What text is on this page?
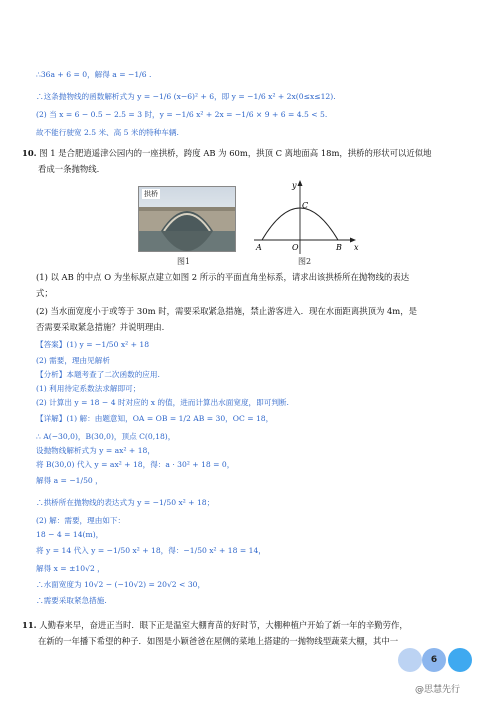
∴36a + 6 = 0，解得 a = −1/6 .
∴这条抛物线的函数解析式为 y = −1/6 (x−6)² + 6，即 y = −1/6 x² + 2x(0≤x≤12).
(2) 当 x = 6 − 0.5 − 2.5 = 3 时，y = −1/6 x² + 2x = −1/6 × 9 + 6 = 4.5 < 5.
故不能行驶宽 2.5 米、高 5 米的特种车辆.
10. 图 1 是合肥逍遥津公园内的一座拱桥，跨度 AB 为 60m，拱顶 C 离地面高 18m，拱桥的形状可以近似地
看成一条抛物线.
拱桥
图1
y
x
C
A	O	B
图2
(1) 以 AB 的中点 O 为坐标原点建立如图 2 所示的平面直角坐标系，请求出该拱桥所在抛物线的表达
式；
(2) 当水面宽度小于或等于 30m 时，需要采取紧急措施，禁止游客进入．现在水面距离拱顶为 4m，是
否需要采取紧急措施？并说明理由.
【答案】(1) y = −1/50 x² + 18
(2) 需要，理由见解析
【分析】本题考查了二次函数的应用.
(1) 利用待定系数法求解即可；
(2) 计算出 y = 18 − 4 时对应的 x 的值，进而计算出水面宽度，即可判断.
【详解】(1) 解：由题意知，OA = OB = 1/2 AB = 30，OC = 18，
∴ A(−30,0)，B(30,0)，顶点 C(0,18)，
设抛物线解析式为 y = ax² + 18，
将 B(30,0) 代入 y = ax² + 18，得：a · 30² + 18 = 0，
解得 a = −1/50 ，
∴拱桥所在抛物线的表达式为 y = −1/50 x² + 18；
(2) 解：需要，理由如下：
18 − 4 = 14(m)，
将 y = 14 代入 y = −1/50 x² + 18，得：−1/50 x² + 18 = 14，
解得 x = ±10√2 ，
∴水面宽度为 10√2 − (−10√2) = 20√2 < 30，
∴需要采取紧急措施.
11. 人勤春来早，奋进正当时．眼下正是温室大棚育苗的好时节，大棚种植户开始了新一年的辛勤劳作，
在新的一年播下希望的种子．如图是小颖爸爸在屋侧的菜地上搭建的一抛物线型蔬菜大棚，其中一
6
@思慧先行
